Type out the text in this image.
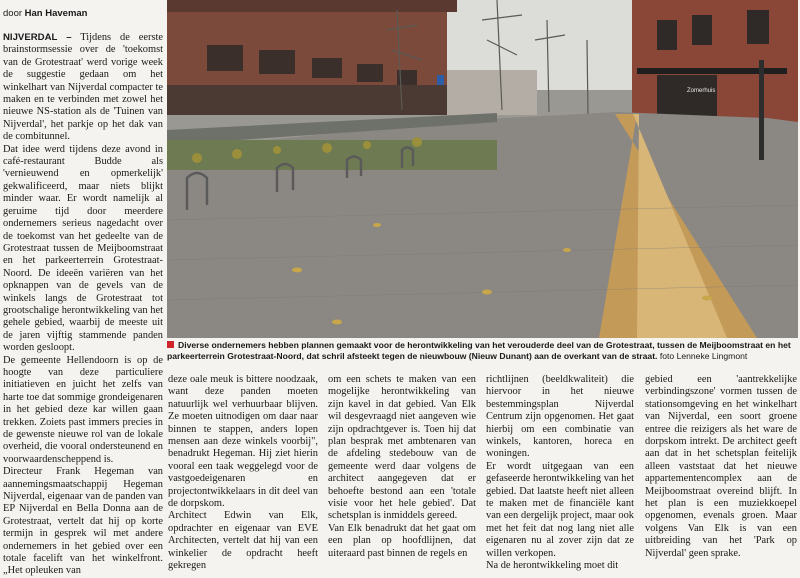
door Han Haveman

NIJVERDAL – Tijdens de eerste brainstormsessie over de 'toekomst van de Grotestraat' werd vorige week de suggestie gedaan om het winkelhart van Nijverdal compacter te maken en te verbinden met zowel het nieuwe NS-station als de 'Tuinen van Nijverdal', het parkje op het dak van de combitunnel.

Dat idee werd tijdens deze avond in café-restaurant Budde als 'vernieuwend en opmerkelijk' gekwalificeerd, maar niets blijkt minder waar. Er wordt namelijk al geruime tijd door meerdere ondernemers serieus nagedacht over de toekomst van het gedeelte van de Grotestraat tussen de Meijboomstraat en het parkeerterrein Grotestraat-Noord. De ideeën variëren van het opknappen van de gevels van de winkels langs de Grotestraat tot grootschalige herontwikkeling van het gehele gebied, waarbij de meeste uit de jaren vijftig stammende panden worden gesloopt.

De gemeente Hellendoorn is op de hoogte van deze particuliere initiatieven en juicht het zelfs van harte toe dat sommige grondeigenaren in het gebied deze kar willen gaan trekken. Zoiets past immers precies in de gewenste nieuwe rol van de lokale overheid, die vooral ondersteunend en voorwaardenscheppend is.

Directeur Frank Hegeman van aannemingsmaatschappij Hegeman Nijverdal, eigenaar van de panden van EP Nijverdal en Bella Donna aan de Grotestraat, vertelt dat hij op korte termijn in gesprek wil met andere ondernemers in het gebied over een totale facelift van het winkelfront. „Het opleuken van

Zomerhuis
Diverse ondernemers hebben plannen gemaakt voor de herontwikkeling van het verouderde deel van de Grotestraat, tussen de Meijboomstraat en het parkeerterrein Grotestraat-Noord, dat schril afsteekt tegen de nieuwbouw (Nieuw Dunant) aan de overkant van de straat. foto Lenneke Lingmont

deze oale meuk is bittere noodzaak, want deze panden moeten natuurlijk wel verhuurbaar blijven. Ze moeten uitnodigen om daar naar binnen te stappen, anders lopen mensen aan deze winkels voorbij", benadrukt Hegeman. Hij ziet hierin vooral een taak weggelegd voor de vastgoedeigenaren en projectontwikkelaars in dit deel van de dorpskom.

Architect Edwin van Elk, opdrachter en eigenaar van EVE Architecten, vertelt dat hij van een winkelier de opdracht heeft gekregen

om een schets te maken van een mogelijke herontwikkeling van zijn kavel in dat gebied. Van Elk wil desgevraagd niet aangeven wie zijn opdrachtgever is. Toen hij dat plan besprak met ambtenaren van de afdeling stedebouw van de gemeente werd daar volgens de architect aangegeven dat er behoefte bestond aan een 'totale visie voor het hele gebied'. Dat schetsplan is inmiddels gereed.

Van Elk benadrukt dat het gaat om een plan op hoofdlijnen, dat uiteraard past binnen de regels en

richtlijnen (beeldkwaliteit) die hiervoor in het nieuwe bestemmingsplan Nijverdal Centrum zijn opgenomen. Het gaat hierbij om een combinatie van winkels, kantoren, horeca en woningen.

Er wordt uitgegaan van een gefaseerde herontwikkeling van het gebied. Dat laatste heeft niet alleen te maken met de financiële kant van een dergelijk project, maar ook met het feit dat nog lang niet alle eigenaren nu al zover zijn dat ze willen verkopen.

Na de herontwikkeling moet dit

gebied een 'aantrekkelijke verbindingszone' vormen tussen de stationsomgeving en het winkelhart van Nijverdal, een soort groene entree die reizigers als het ware de dorpskom intrekt. De architect geeft aan dat in het schetsplan feitelijk alleen vaststaat dat het nieuwe appartementencomplex aan de Meijboomstraat overeind blijft. In het plan is een muziekkoepel opgenomen, evenals groen. Maar volgens Van Elk is van een uitbreiding van het 'Park op Nijverdal' geen sprake.
